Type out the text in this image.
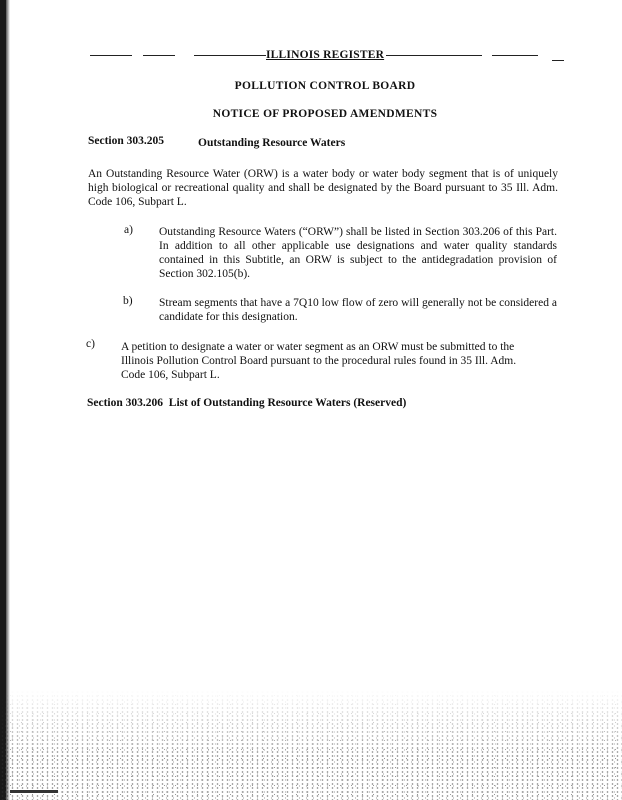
ILLINOIS REGISTER
POLLUTION CONTROL BOARD
NOTICE OF PROPOSED AMENDMENTS
Section 303.205	Outstanding Resource Waters
An Outstanding Resource Water (ORW) is a water body or water body segment that is of uniquely high biological or recreational quality and shall be designated by the Board pursuant to 35 Ill. Adm. Code 106, Subpart L.
a) Outstanding Resource Waters (“ORW”) shall be listed in Section 303.206 of this Part. In addition to all other applicable use designations and water quality standards contained in this Subtitle, an ORW is subject to the antidegradation provision of Section 302.105(b).
b) Stream segments that have a 7Q10 low flow of zero will generally not be considered a candidate for this designation.
c) A petition to designate a water or water segment as an ORW must be submitted to the Illinois Pollution Control Board pursuant to the procedural rules found in 35 Ill. Adm. Code 106, Subpart L.
Section 303.206  List of Outstanding Resource Waters (Reserved)
